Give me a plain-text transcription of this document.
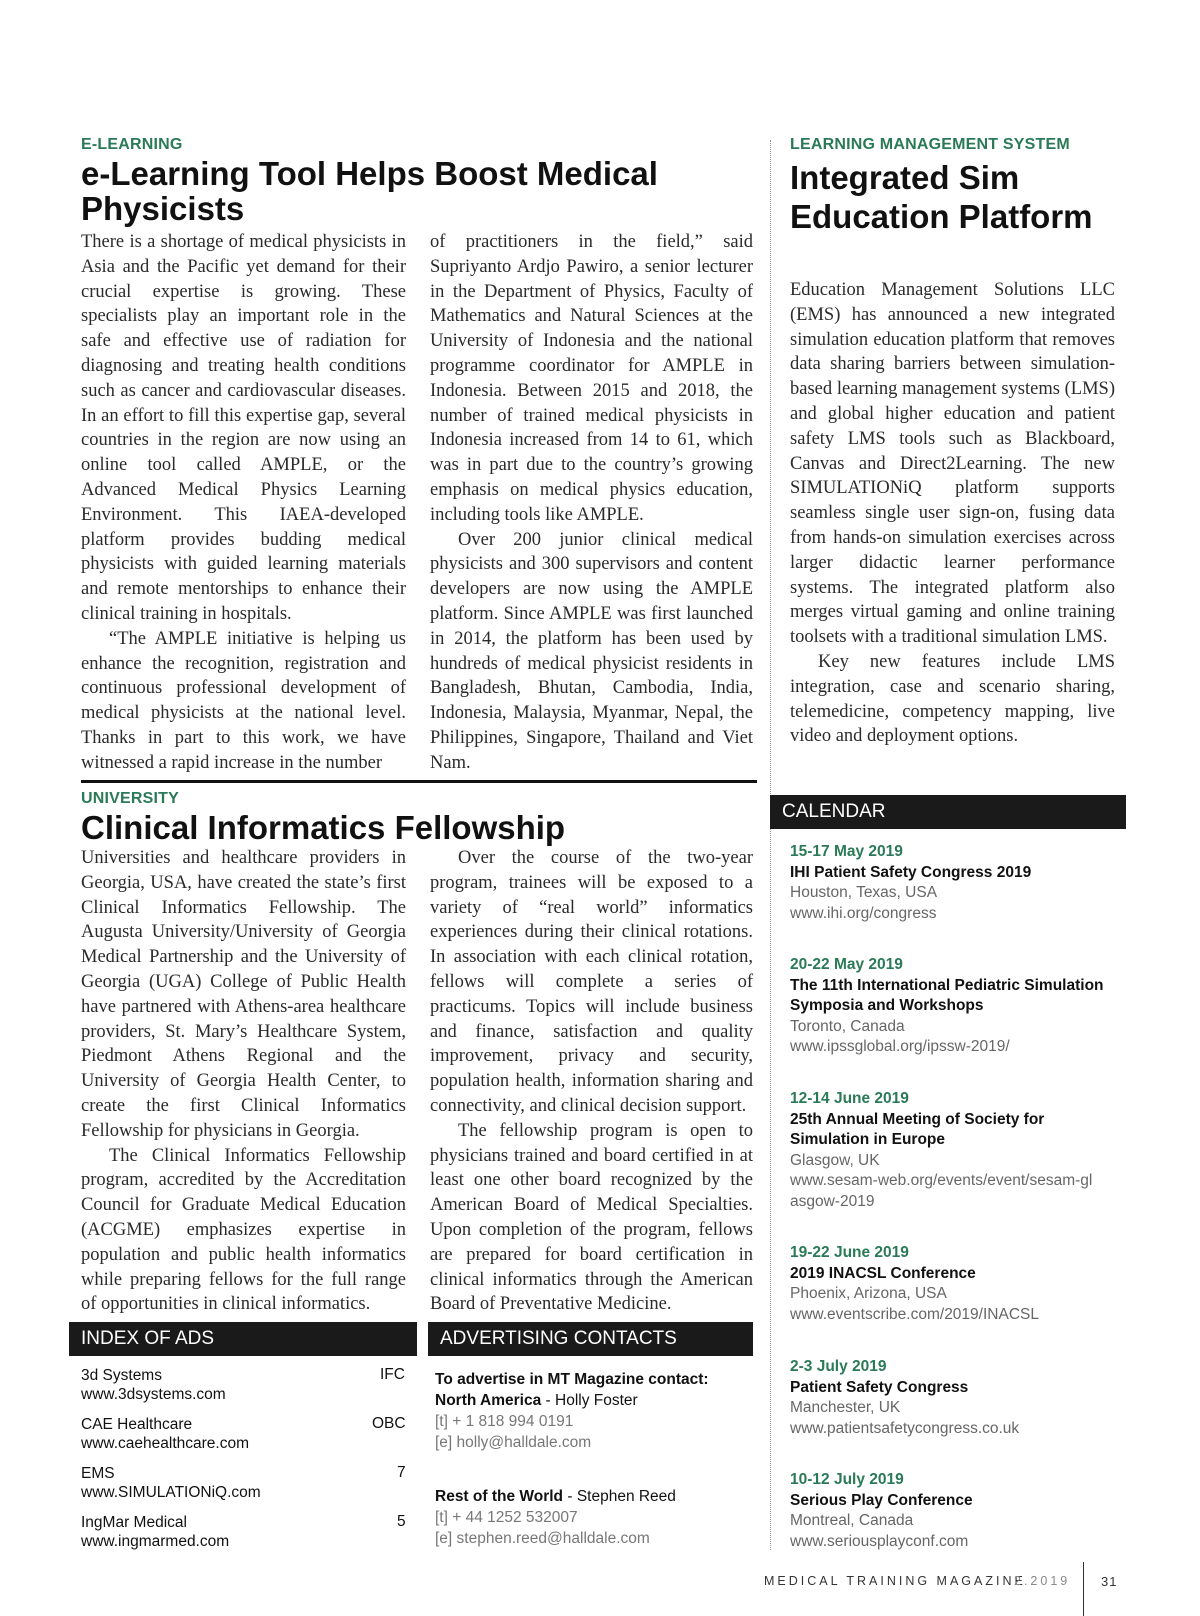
E-LEARNING
e-Learning Tool Helps Boost Medical Physicists

There is a shortage of medical physicists in Asia and the Pacific yet demand for their crucial expertise is growing. These specialists play an important role in the safe and effective use of radiation for diagnosing and treating health conditions such as cancer and cardiovascular diseases. In an effort to fill this expertise gap, several countries in the region are now using an online tool called AMPLE, or the Advanced Medical Physics Learning Environment. This IAEA-developed platform provides budding medical physicists with guided learning materials and remote mentorships to enhance their clinical training in hospitals.

“The AMPLE initiative is helping us enhance the recognition, registration and continuous professional development of medical physicists at the national level. Thanks in part to this work, we have witnessed a rapid increase in the number

of practitioners in the field,” said Supriyanto Ardjo Pawiro, a senior lecturer in the Department of Physics, Faculty of Mathematics and Natural Sciences at the University of Indonesia and the national programme coordinator for AMPLE in Indonesia. Between 2015 and 2018, the number of trained medical physicists in Indonesia increased from 14 to 61, which was in part due to the country’s growing emphasis on medical physics education, including tools like AMPLE.

Over 200 junior clinical medical physicists and 300 supervisors and content developers are now using the AMPLE platform. Since AMPLE was first launched in 2014, the platform has been used by hundreds of medical physicist residents in Bangladesh, Bhutan, Cambodia, India, Indonesia, Malaysia, Myanmar, Nepal, the Philippines, Singapore, Thailand and Viet Nam.

LEARNING MANAGEMENT SYSTEM
Integrated Sim Education Platform

Education Management Solutions LLC (EMS) has announced a new integrated simulation education platform that removes data sharing barriers between simulation-based learning management systems (LMS) and global higher education and patient safety LMS tools such as Blackboard, Canvas and Direct2Learning. The new SIMULATIONiQ platform supports seamless single user sign-on, fusing data from hands-on simulation exercises across larger didactic learner performance systems. The integrated platform also merges virtual gaming and online training toolsets with a traditional simulation LMS.

Key new features include LMS integration, case and scenario sharing, telemedicine, competency mapping, live video and deployment options.

UNIVERSITY
Clinical Informatics Fellowship

Universities and healthcare providers in Georgia, USA, have created the state’s first Clinical Informatics Fellowship. The Augusta University/University of Georgia Medical Partnership and the University of Georgia (UGA) College of Public Health have partnered with Athens-area healthcare providers, St. Mary’s Healthcare System, Piedmont Athens Regional and the University of Georgia Health Center, to create the first Clinical Informatics Fellowship for physicians in Georgia.

The Clinical Informatics Fellowship program, accredited by the Accreditation Council for Graduate Medical Education (ACGME) emphasizes expertise in population and public health informatics while preparing fellows for the full range of opportunities in clinical informatics.

Over the course of the two-year program, trainees will be exposed to a variety of “real world” informatics experiences during their clinical rotations. In association with each clinical rotation, fellows will complete a series of practicums. Topics will include business and finance, satisfaction and quality improvement, privacy and security, population health, information sharing and connectivity, and clinical decision support.

The fellowship program is open to physicians trained and board certified in at least one other board recognized by the American Board of Medical Specialties. Upon completion of the program, fellows are prepared for board certification in clinical informatics through the American Board of Preventative Medicine.

CALENDAR
15-17 May 2019
IHI Patient Safety Congress 2019
Houston, Texas, USA
www.ihi.org/congress
20-22 May 2019
The 11th International Pediatric Simulation Symposia and Workshops
Toronto, Canada
www.ipssglobal.org/ipssw-2019/
12-14 June 2019
25th Annual Meeting of Society for Simulation in Europe
Glasgow, UK
www.sesam-web.org/events/event/sesam-glasgow-2019
19-22 June 2019
2019 INACSL Conference
Phoenix, Arizona, USA
www.eventscribe.com/2019/INACSL
2-3 July 2019
Patient Safety Congress
Manchester, UK
www.patientsafetycongress.co.uk
10-12 July 2019
Serious Play Conference
Montreal, Canada
www.seriousplayconf.com
INDEX OF ADS
3d Systems
www.3dsystems.com
IFC
CAE Healthcare
www.caehealthcare.com
OBC
EMS
www.SIMULATIONiQ.com
7
IngMar Medical
www.ingmarmed.com
5
ADVERTISING CONTACTS
To advertise in MT Magazine contact:
North America - Holly Foster
[t] + 1 818 994 0191
[e] holly@halldale.com
Rest of the World - Stephen Reed
[t] + 44 1252 532007
[e] stephen.reed@halldale.com
MEDICAL TRAINING MAGAZINE
2.2019 31
